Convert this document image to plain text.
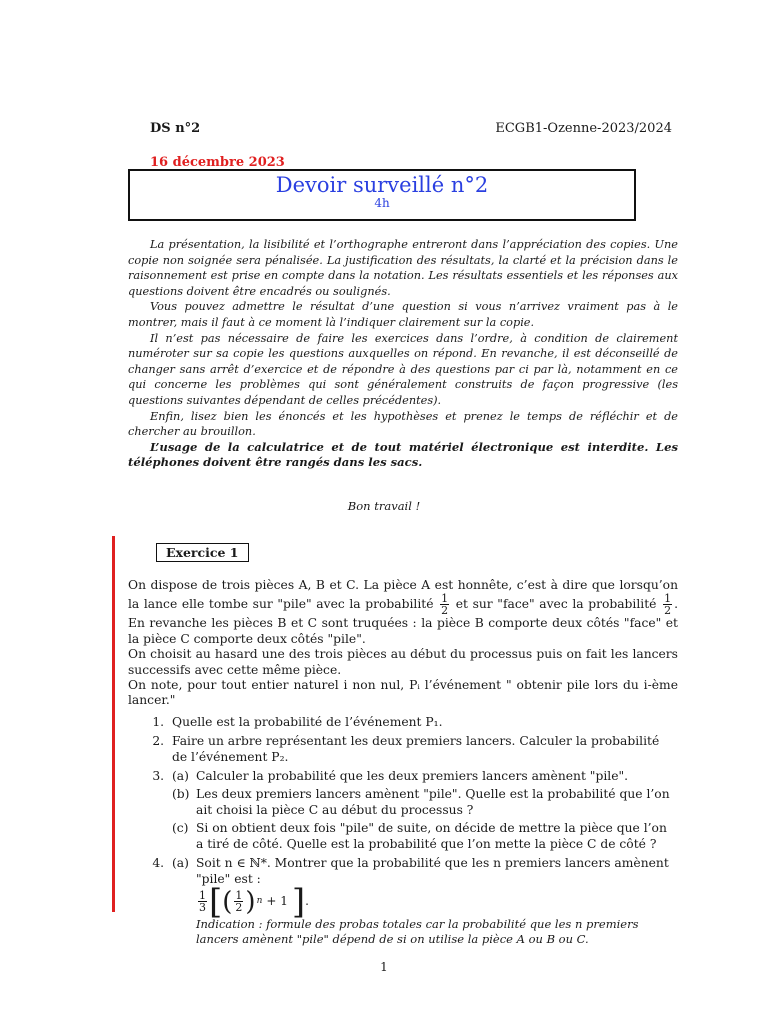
DS n°2	ECGB1-Ozenne-2023/2024
16 décembre 2023
Devoir surveillé n°2
4h

La présentation, la lisibilité et l’orthographe entreront dans l’appréciation des copies. Une copie non soignée sera pénalisée. La justification des résultats, la clarté et la précision dans le raisonnement est prise en compte dans la notation. Les résultats essentiels et les réponses aux questions doivent être encadrés ou soulignés.

Vous pouvez admettre le résultat d’une question si vous n’arrivez vraiment pas à le montrer, mais il faut à ce moment là l’indiquer clairement sur la copie.

Il n’est pas nécessaire de faire les exercices dans l’ordre, à condition de clairement numéroter sur sa copie les questions auxquelles on répond. En revanche, il est déconseillé de changer sans arrêt d’exercice et de répondre à des questions par ci par là, notamment en ce qui concerne les problèmes qui sont généralement construits de façon progressive (les questions suivantes dépendant de celles précédentes).

Enfin, lisez bien les énoncés et les hypothèses et prenez le temps de réfléchir et de chercher au brouillon.

L’usage de la calculatrice et de tout matériel électronique est interdite. Les téléphones doivent être rangés dans les sacs.

Bon travail !
Exercice 1

On dispose de trois pièces A, B et C. La pièce A est honnête, c’est à dire que lorsqu’on la lance elle tombe sur "pile" avec la probabilité $\frac{1}{2}$ et sur "face" avec la probabilité $\frac{1}{2}$ . En revanche les pièces B et C sont truquées : la pièce B comporte deux côtés "face" et la pièce C comporte deux côtés "pile".

On choisit au hasard une des trois pièces au début du processus puis on fait les lancers successifs avec cette même pièce.

On note, pour tout entier naturel i non nul, Pᵢ l’événement " obtenir pile lors du i-ème lancer."

1. Quelle est la probabilité de l’événement P₁.
2. Faire un arbre représentant les deux premiers lancers. Calculer la probabilité de l’événement P₂.
3. (a) Calculer la probabilité que les deux premiers lancers amènent "pile".
(b) Les deux premiers lancers amènent "pile". Quelle est la probabilité que l’on ait choisi la pièce C au début du processus ?
(c) Si on obtient deux fois "pile" de suite, on décide de mettre la pièce que l’on a tiré de côté. Quelle est la probabilité que l’on mette la pièce C de côté ?
4. (a) Soit n ∈ ℕ*. Montrer que la probabilité que les n premiers lancers amènent "pile" est :

$\frac{1}{3}$ [ ( $\frac{1}{2}$ ) n + 1 ] .
Indication : formule des probas totales car la probabilité que les n premiers lancers amènent "pile" dépend de si on utilise la pièce A ou B ou C.
1
